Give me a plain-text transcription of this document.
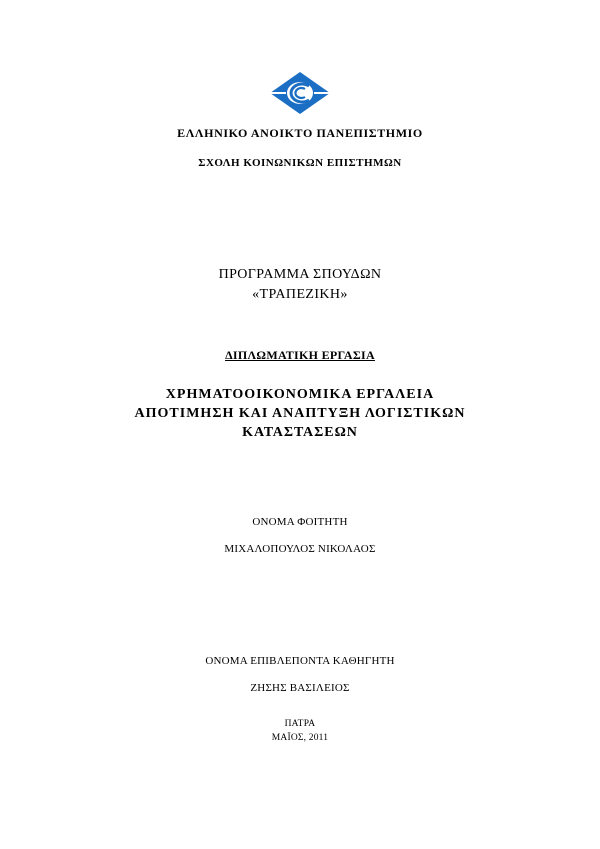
ΕΛΛΗΝΙΚΟ ΑΝΟΙΚΤΟ ΠΑΝΕΠΙΣΤΗΜΙΟ
ΣΧΟΛΗ ΚΟΙΝΩΝΙΚΩΝ ΕΠΙΣΤΗΜΩΝ
ΠΡΟΓΡΑΜΜΑ ΣΠΟΥΔΩΝ
«ΤΡΑΠΕΖΙΚΗ»
ΔΙΠΛΩΜΑΤΙΚΗ ΕΡΓΑΣΙΑ
ΧΡΗΜΑΤΟΟΙΚΟΝΟΜΙΚΑ ΕΡΓΑΛΕΙΑ
ΑΠΟΤΙΜΗΣΗ ΚΑΙ ΑΝΑΠΤΥΞΗ ΛΟΓΙΣΤΙΚΩΝ
ΚΑΤΑΣΤΑΣΕΩΝ
ΟΝΟΜΑ ΦΟΙΤΗΤΗ
ΜΙΧΑΛΟΠΟΥΛΟΣ ΝΙΚΟΛΑΟΣ
ΟΝΟΜΑ ΕΠΙΒΛΕΠΟΝΤΑ ΚΑΘΗΓΗΤΗ
ΖΗΣΗΣ ΒΑΣΙΛΕΙΟΣ
ΠΑΤΡΑ
ΜΑΪΟΣ, 2011
